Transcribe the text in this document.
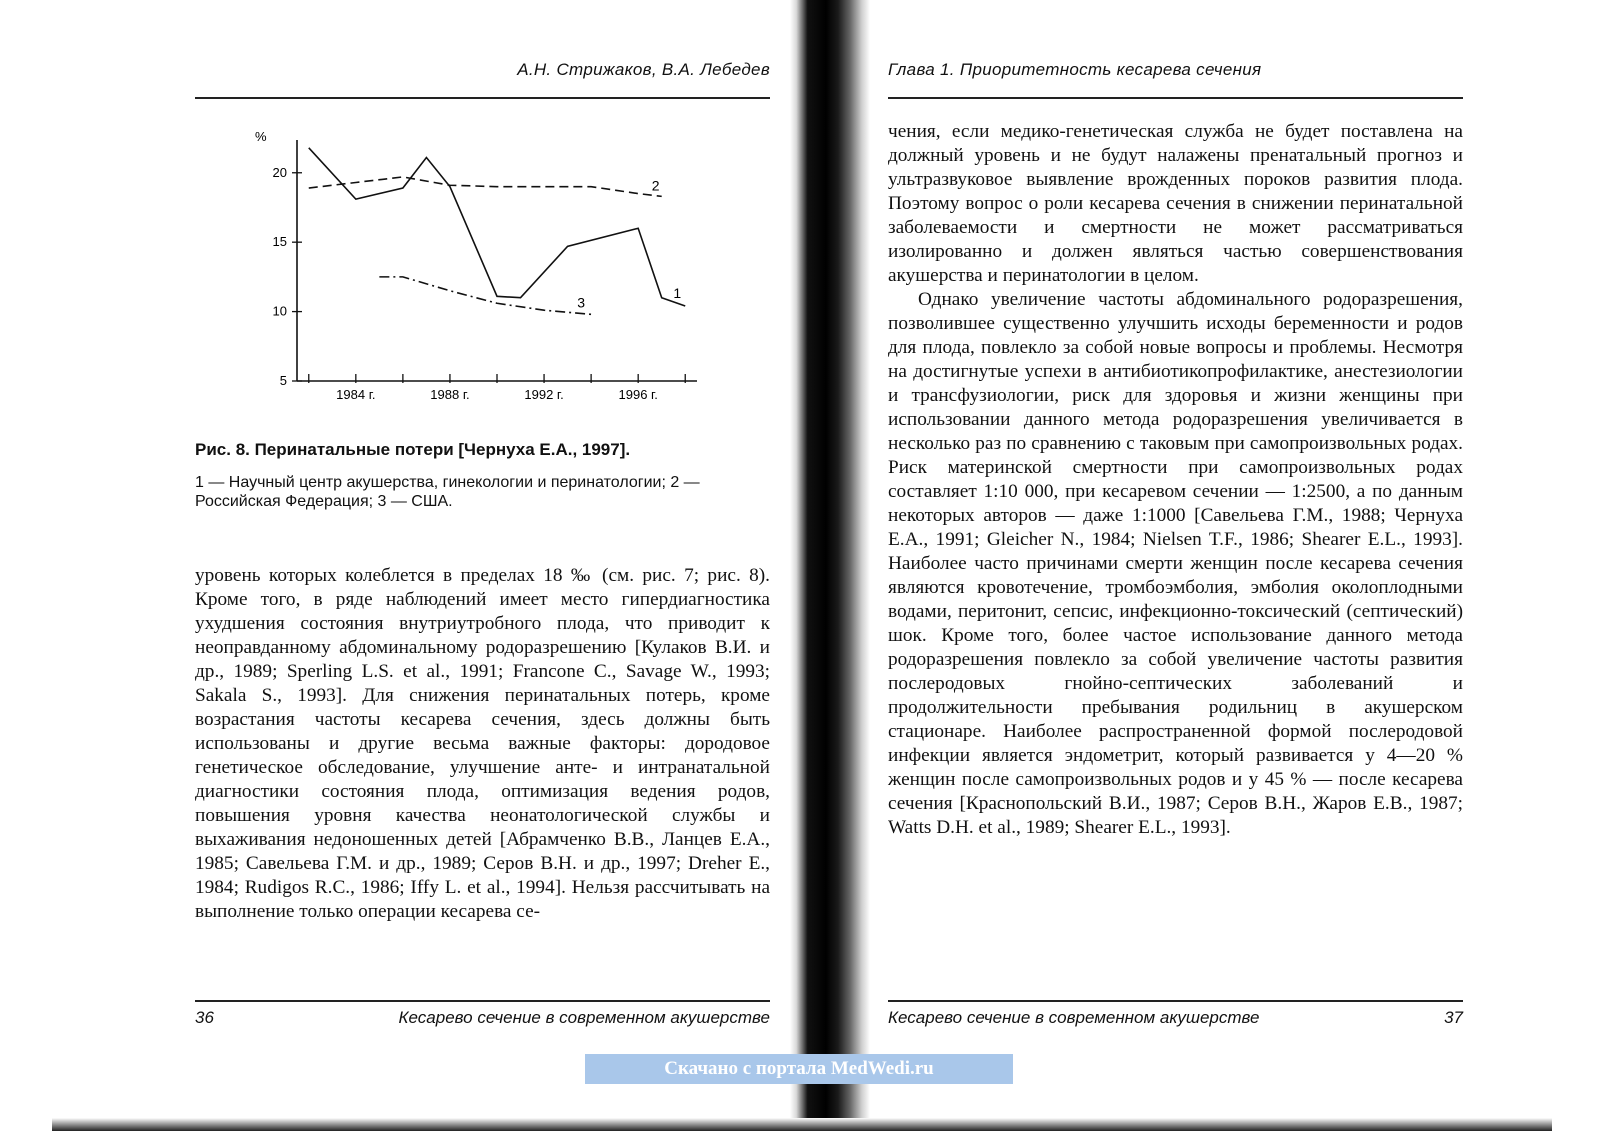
А.Н. Стрижаков, В.А. Лебедев
%
20
15
10
5
1984 г.	1988 г.	1992 г.	1996 г.
1
2
3
Рис. 8. Перинатальные потери [Чернуха Е.А., 1997].
1 — Научный центр акушерства, гинекологии и перинатологии; 2 — Российская Федерация; 3 — США.

уровень которых колеблется в пределах 18 ‰ (см. рис. 7; рис. 8). Кроме того, в ряде наблюдений имеет место гипердиагностика ухудшения состояния внутриутробного плода, что приводит к неоправданному абдоминальному родоразрешению [Кулаков В.И. и др., 1989; Sperling L.S. et al., 1991; Francone C., Savage W., 1993; Sakala S., 1993]. Для снижения перинатальных потерь, кроме возрастания частоты кесарева сечения, здесь должны быть использованы и другие весьма важные факторы: дородовое генетическое обследование, улучшение анте- и интранатальной диагностики состояния плода, оптимизация ведения родов, повышения уровня качества неонатологической службы и выхаживания недоношенных детей [Абрамченко В.В., Ланцев Е.А., 1985; Савельева Г.М. и др., 1989; Серов В.Н. и др., 1997; Dreher E., 1984; Rudigos R.C., 1986; Iffy L. et al., 1994]. Нельзя рассчитывать на выполнение только операции кесарева се-

36	Кесарево сечение в современном акушерстве
Глава 1. Приоритетность кесарева сечения

чения, если медико-генетическая служба не будет поставлена на должный уровень и не будут налажены пренатальный прогноз и ультразвуковое выявление врожденных пороков развития плода. Поэтому вопрос о роли кесарева сечения в снижении перинатальной заболеваемости и смертности не может рассматриваться изолированно и должен являться частью совершенствования акушерства и перинатологии в целом.

Однако увеличение частоты абдоминального родоразрешения, позволившее существенно улучшить исходы беременности и родов для плода, повлекло за собой новые вопросы и проблемы. Несмотря на достигнутые успехи в антибиотикопрофилактике, анестезиологии и трансфузиологии, риск для здоровья и жизни женщины при использовании данного метода родоразрешения увеличивается в несколько раз по сравнению с таковым при самопроизвольных родах. Риск материнской смертности при самопроизвольных родах составляет 1:10 000, при кесаревом сечении — 1:2500, а по данным некоторых авторов — даже 1:1000 [Савельева Г.М., 1988; Чернуха Е.А., 1991; Gleicher N., 1984; Nielsen T.F., 1986; Shearer E.L., 1993]. Наиболее часто причинами смерти женщин после кесарева сечения являются кровотечение, тромбоэмболия, эмболия околоплодными водами, перитонит, сепсис, инфекционно-токсический (септический) шок. Кроме того, более частое использование данного метода родоразрешения повлекло за собой увеличение частоты развития послеродовых гнойно-септических заболеваний и продолжительности пребывания родильниц в акушерском стационаре. Наиболее распространенной формой послеродовой инфекции является эндометрит, который развивается у 4—20 % женщин после самопроизвольных родов и у 45 % — после кесарева сечения [Краснопольский В.И., 1987; Серов В.Н., Жаров Е.В., 1987; Watts D.H. et al., 1989; Shearer E.L., 1993].

Кесарево сечение в современном акушерстве	37
Скачано с портала MedWedi.ru
